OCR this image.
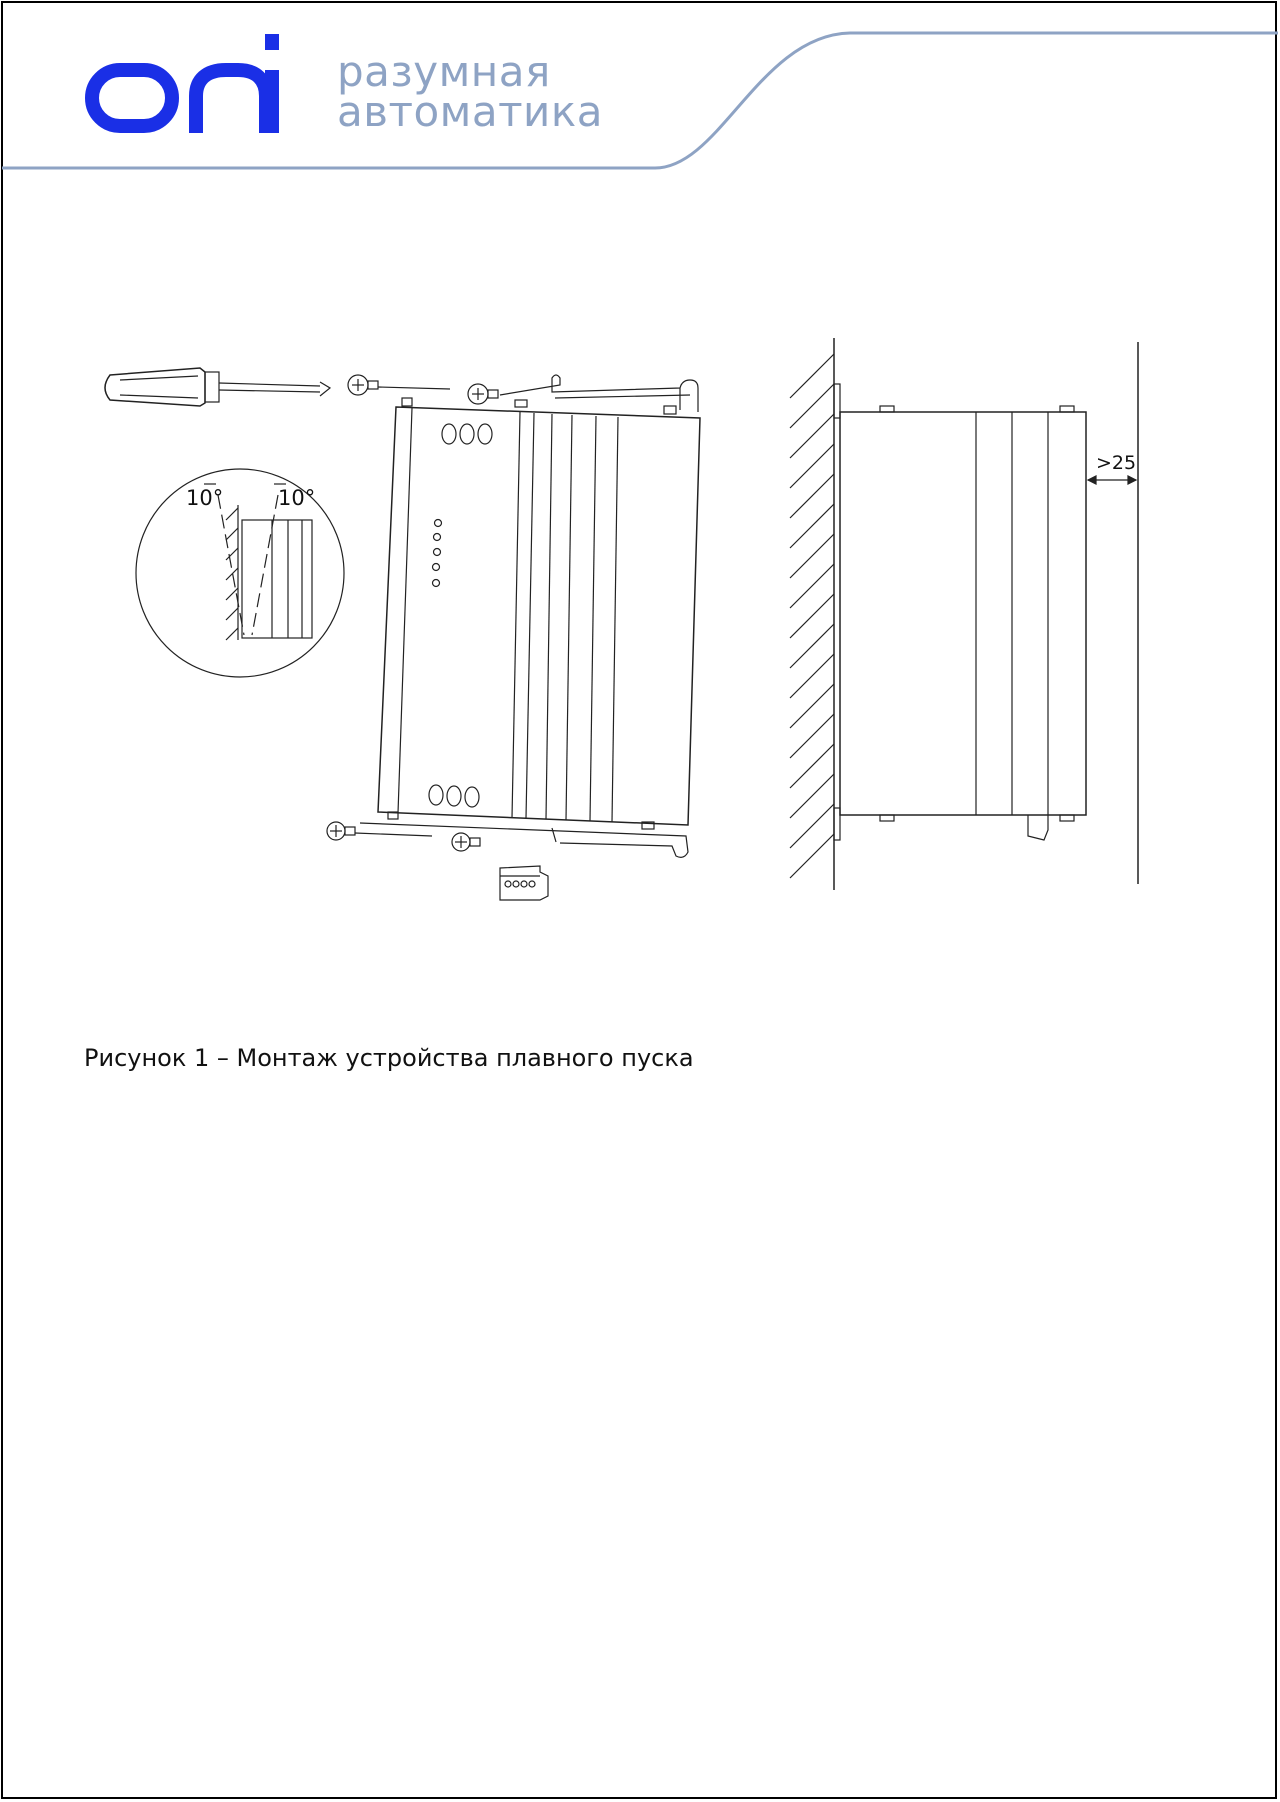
разумная
автоматика
10°	10°
>25
Рисунок 1 – Монтаж устройства плавного пуска
